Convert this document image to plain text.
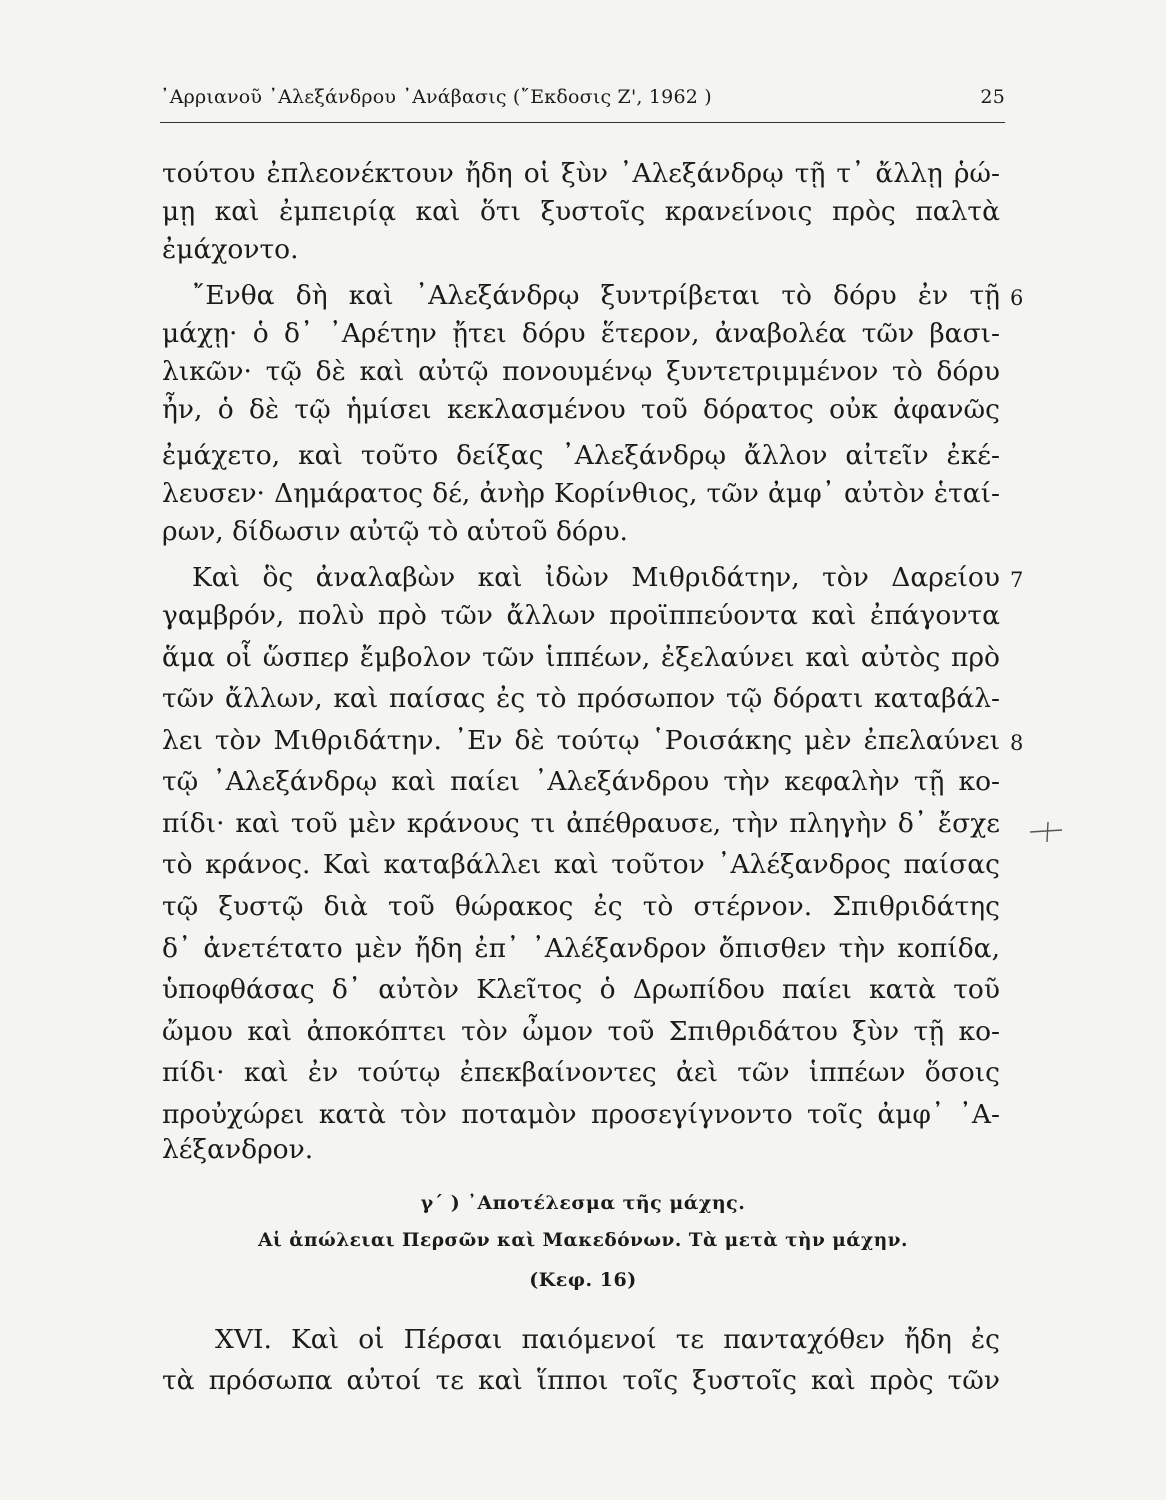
᾿Αρριανοῦ ᾿Αλεξάνδρου ᾿Ανάβασις (῎Εκδοσις Ζ', 1962 )	25
τούτου ἐπλεονέκτουν ἤδη οἱ ξὺν ᾿Αλεξάνδρῳ τῇ τ᾿ ἄλλῃ ῥώ-
μῃ καὶ ἐμπειρίᾳ καὶ ὅτι ξυστοῖς κρανείνοις πρὸς παλτὰ
ἐμάχοντο.
῎Ενθα δὴ καὶ ᾿Αλεξάνδρῳ ξυντρίβεται τὸ δόρυ ἐν τῇ
μάχῃ· ὁ δ᾿ ᾿Αρέτην ᾔτει δόρυ ἕτερον, ἀναβολέα τῶν βασι-
λικῶν· τῷ δὲ καὶ αὐτῷ πονουμένῳ ξυντετριμμένον τὸ δόρυ
ἦν, ὁ δὲ τῷ ἡμίσει κεκλασμένου τοῦ δόρατος οὐκ ἀφανῶς
ἐμάχετο, καὶ τοῦτο δείξας ᾿Αλεξάνδρῳ ἄλλον αἰτεῖν ἐκέ-
λευσεν· Δημάρατος δέ, ἀνὴρ Κορίνθιος, τῶν ἀμφ᾿ αὐτὸν ἑταί-
ρων, δίδωσιν αὐτῷ τὸ αὑτοῦ δόρυ.
Καὶ ὃς ἀναλαβὼν καὶ ἰδὼν Μιθριδάτην, τὸν Δαρείου
γαμβρόν, πολὺ πρὸ τῶν ἄλλων προϊππεύοντα καὶ ἐπάγοντα
ἅμα οἷ ὥσπερ ἔμβολον τῶν ἱππέων, ἐξελαύνει καὶ αὐτὸς πρὸ
τῶν ἄλλων, καὶ παίσας ἐς τὸ πρόσωπον τῷ δόρατι καταβάλ-
λει τὸν Μιθριδάτην. ᾿Εν δὲ τούτῳ ῾Ροισάκης μὲν ἐπελαύνει
τῷ ᾿Αλεξάνδρῳ καὶ παίει ᾿Αλεξάνδρου τὴν κεφαλὴν τῇ κο-
πίδι· καὶ τοῦ μὲν κράνους τι ἀπέθραυσε, τὴν πληγὴν δ᾿ ἔσχε
τὸ κράνος. Καὶ καταβάλλει καὶ τοῦτον ᾿Αλέξανδρος παίσας
τῷ ξυστῷ διὰ τοῦ θώρακος ἐς τὸ στέρνον. Σπιθριδάτης
δ᾿ ἀνετέτατο μὲν ἤδη ἐπ᾿ ᾿Αλέξανδρον ὄπισθεν τὴν κοπίδα,
ὑποφθάσας δ᾿ αὐτὸν Κλεῖτος ὁ Δρωπίδου παίει κατὰ τοῦ
ὤμου καὶ ἀποκόπτει τὸν ὦμον τοῦ Σπιθριδάτου ξὺν τῇ κο-
πίδι· καὶ ἐν τούτῳ ἐπεκβαίνοντες ἀεὶ τῶν ἱππέων ὅσοις
προὐχώρει κατὰ τὸν ποταμὸν προσεγίγνοντο τοῖς ἀμφ᾿ ᾿Α-
λέξανδρον.
6
7
8
γ΄ ) ᾿Αποτέλεσμα τῆς μάχης.
Αἱ ἀπώλειαι Περσῶν καὶ Μακεδόνων. Τὰ μετὰ τὴν μάχην.
(Κεφ. 16)
XVI. Καὶ οἱ Πέρσαι παιόμενοί τε πανταχόθεν ἤδη ἐς
τὰ πρόσωπα αὐτοί τε καὶ ἵπποι τοῖς ξυστοῖς καὶ πρὸς τῶν
